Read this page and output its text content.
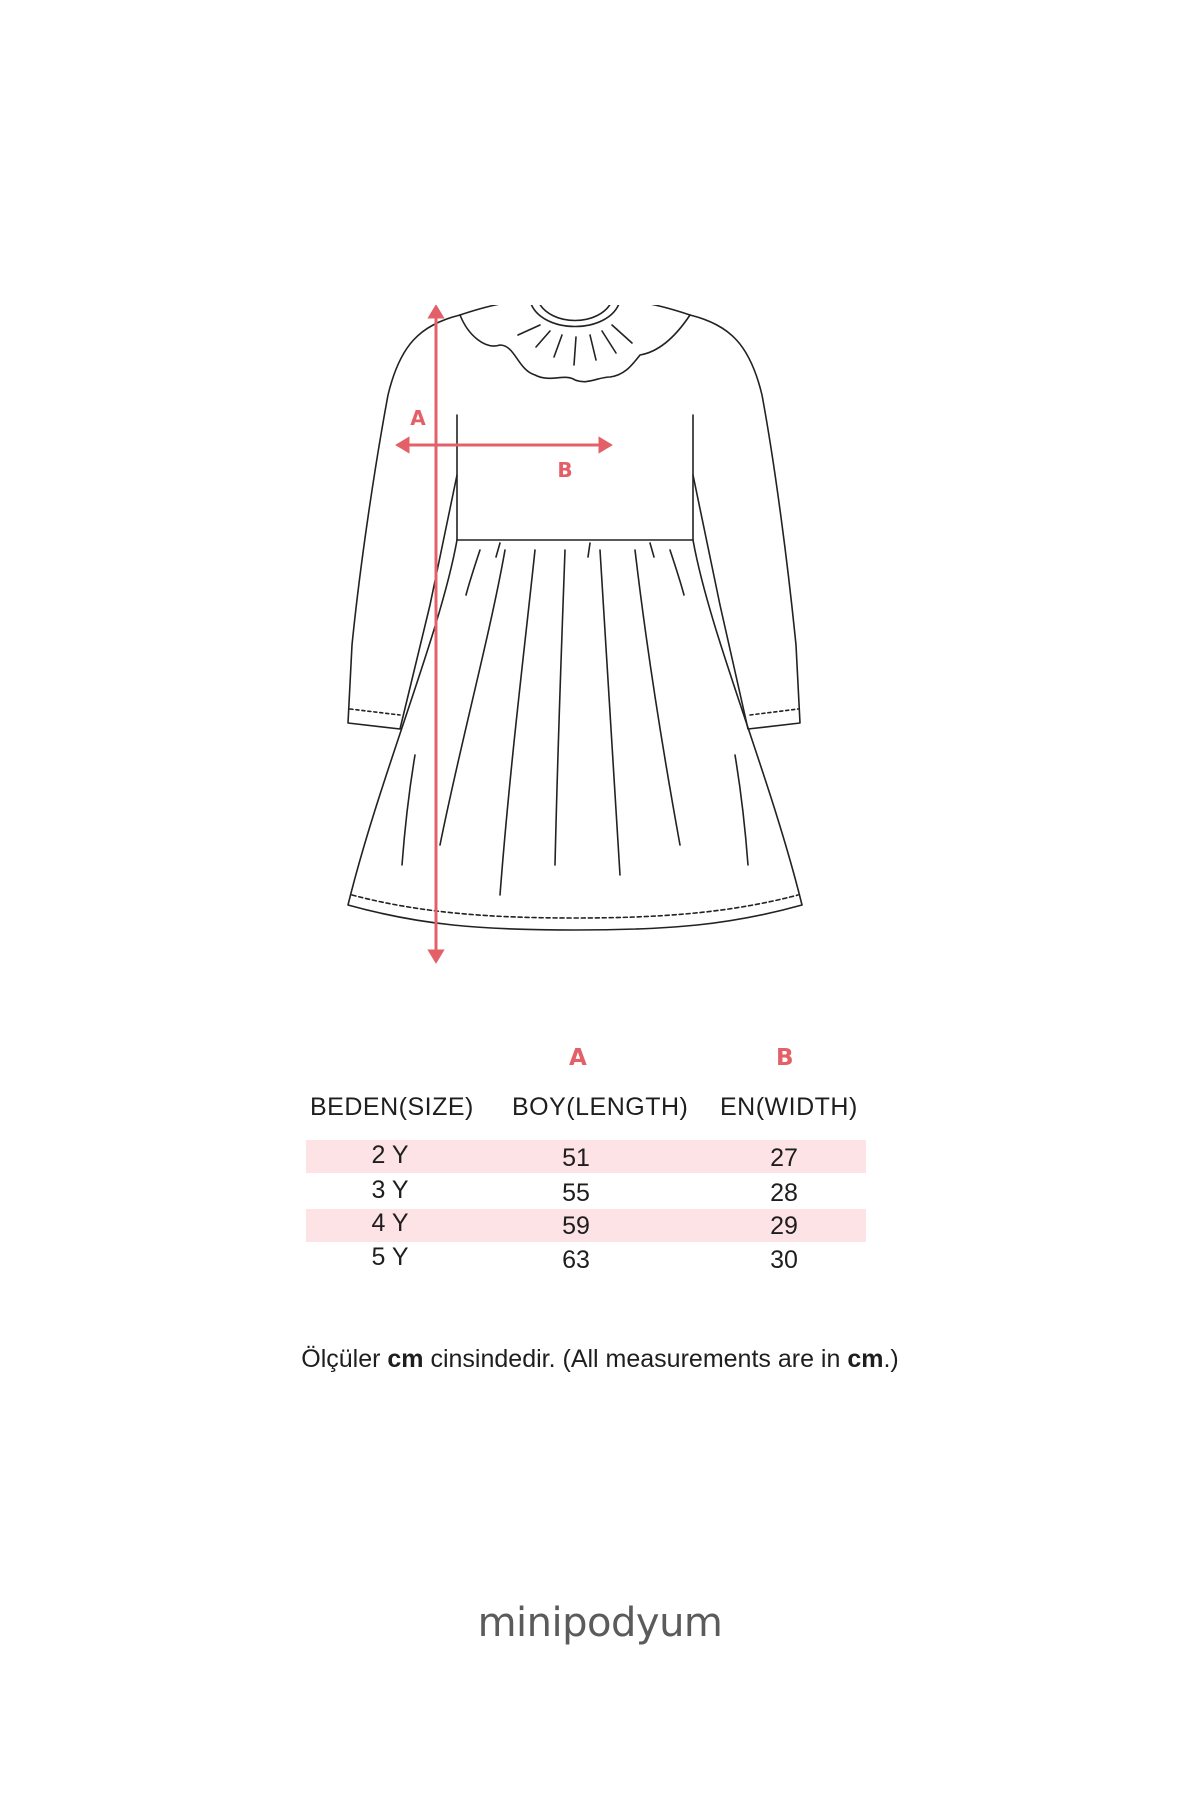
A
B
A	B
BEDEN(SIZE) BOY(LENGTH) EN(WIDTH)
2 Y	51	27
3 Y	55	28
4 Y	59	29
5 Y	63	30
Ölçüler cm cinsindedir. (All measurements are in cm.)
minipodyum
